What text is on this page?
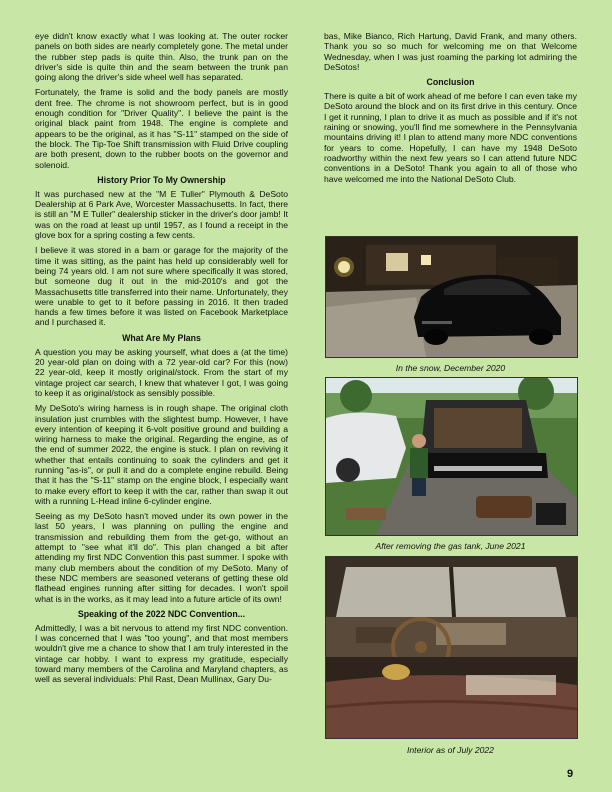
eye didn't know exactly what I was looking at. The outer rocker panels on both sides are nearly completely gone. The metal under the rubber step pads is quite thin. Also, the trunk pan on the driver's side is quite thin and the seam between the trunk pan going along the driver's side wheel well has separated.

Fortunately, the frame is solid and the body panels are mostly dent free. The chrome is not showroom perfect, but is in good enough condition for "Driver Quality". I believe the paint is the original black paint from 1948. The engine is complete and appears to be the original, as it has "S-11" stamped on the side of the block. The Tip-Toe Shift transmission with Fluid Drive coupling are both present, down to the rubber boots on the governor and solenoid.

History Prior To My Ownership

It was purchased new at the "M E Tuller" Plymouth & DeSoto Dealership at 6 Park Ave, Worcester Massachusetts. In fact, there is still an "M E Tuller" dealership sticker in the driver's door jamb! It was on the road at least up until 1957, as I found a receipt in the glove box for a spring costing a few cents.

I believe it was stored in a barn or garage for the majority of the time it was sitting, as the paint has held up considerably well for being 74 years old. I am not sure where specifically it was stored, but someone dug it out in the mid-2010's and got the Massachusetts title transferred into their name. Unfortunately, they were unable to get to it before passing in 2016. It then traded hands a few times before it was listed on Facebook Marketplace and I purchased it.

What Are My Plans

A question you may be asking yourself, what does a (at the time) 20 year-old plan on doing with a 72 year-old car? For this (now) 22 year-old, keep it mostly original/stock. From the start of my vintage project car search, I knew that whatever I got, I was going to keep it as original/stock as sensibly possible.

My DeSoto's wiring harness is in rough shape. The original cloth insulation just crumbles with the slightest bump. However, I have every intention of keeping it 6-volt positive ground and building a wiring harness to make the original. Regarding the engine, as of the end of summer 2022, the engine is stuck. I plan on reviving it whether that entails continuing to soak the cylinders and get it running "as-is", or pull it and do a complete engine rebuild. Being that it has the "S-11" stamp on the engine block, I especially want to make every effort to keep it with the car, rather than swap it out with a running L-Head inline 6-cylinder engine.

Seeing as my DeSoto hasn't moved under its own power in the last 50 years, I was planning on pulling the engine and transmission and rebuilding them from the get-go, without an attempt to "see what it'll do". This plan changed a bit after attending my first NDC Convention this past summer. I spoke with many club members about the condition of my DeSoto. Many of these NDC members are seasoned veterans of getting these old flathead engines running after sitting for decades. I won't spoil what is in the works, as it may lead into a future article of its own!

Speaking of the 2022 NDC Convention...

Admittedly, I was a bit nervous to attend my first NDC convention. I was concerned that I was "too young", and that most members wouldn't give me a chance to show that I am truly interested in the vintage car hobby. I want to express my gratitude, especially toward many members of the Carolina and Maryland chapters, as well as several individuals: Phil Rast, Dean Mullinax, Gary Du-

bas, Mike Bianco, Rich Hartung, David Frank, and many others. Thank you so so much for welcoming me on that Welcome Wednesday, when I was just roaming the parking lot admiring the DeSotos!

Conclusion

There is quite a bit of work ahead of me before I can even take my DeSoto around the block and on its first drive in this century. Once I get it running, I plan to drive it as much as possible and if it's not raining or snowing, you'll find me somewhere in the Pennsylvania mountains driving it! I plan to attend many more NDC conventions for years to come. Hopefully, I can have my 1948 DeSoto roadworthy within the next few years so I can attend future NDC conventions in a DeSoto! Thank you again to all of those who have welcomed me into the National DeSoto Club.

In the snow, December 2020
After removing the gas tank, June 2021
Interior as of July 2022
9
